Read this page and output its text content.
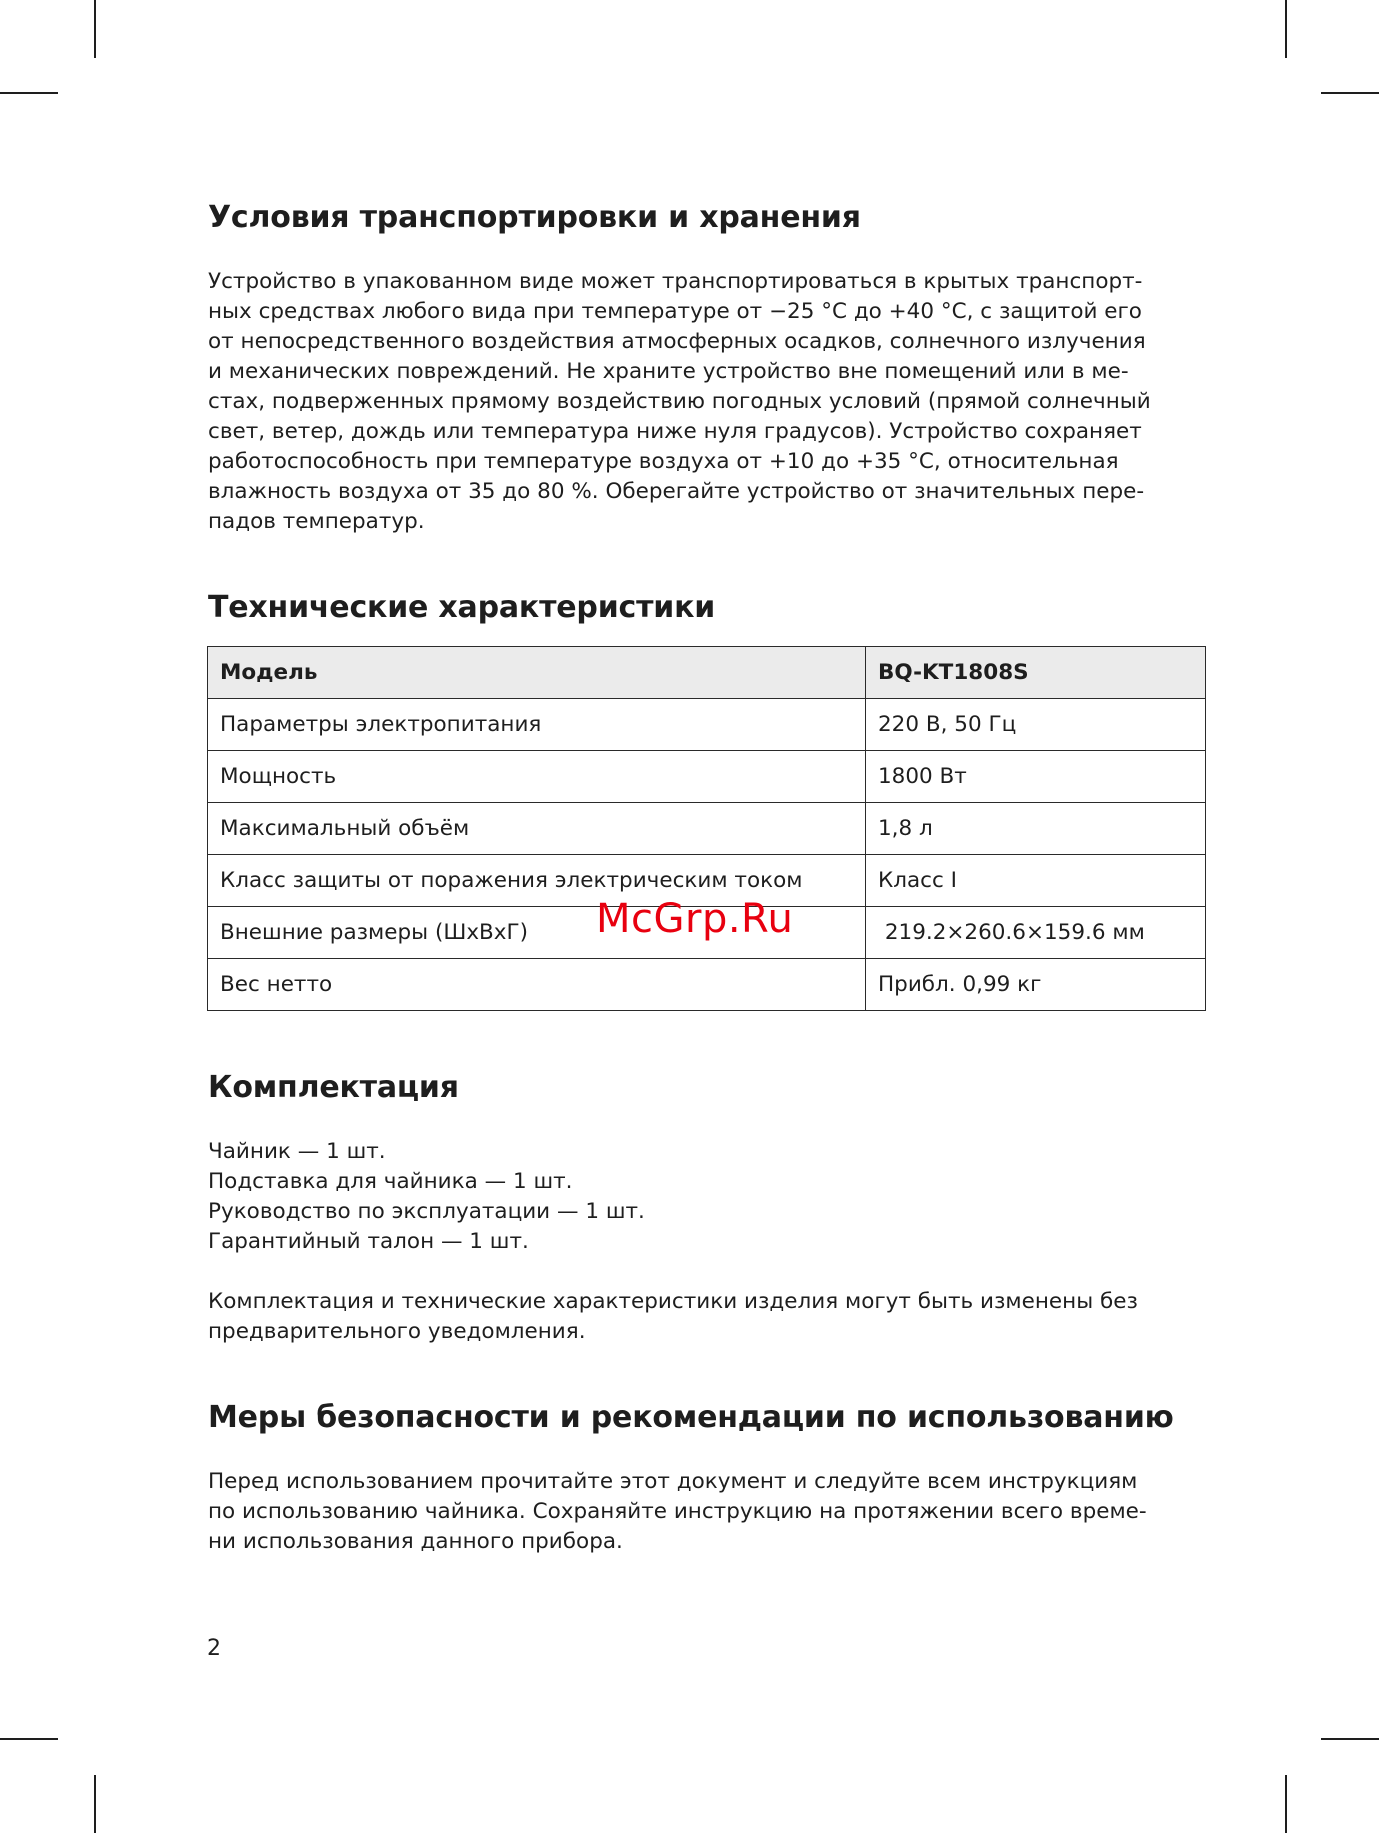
Условия транспортировки и хранения
Устройство в упакованном виде может транспортироваться в крытых транспорт-
ных средствах любого вида при температуре от −25 °С до +40 °С, с защитой его
от непосредственного воздействия атмосферных осадков, солнечного излучения
и механических повреждений. Не храните устройство вне помещений или в ме-
стах, подверженных прямому воздействию погодных условий (прямой солнечный
свет, ветер, дождь или температура ниже нуля градусов). Устройство сохраняет
работоспособность при температуре воздуха от +10 до +35 °С, относительная
влажность воздуха от 35 до 80 %. Оберегайте устройство от значительных пере-
падов температур.
Технические характеристики
Модель	BQ-KT1808S
Параметры электропитания	220 В, 50 Гц
Мощность	1800 Вт
Максимальный объём	1,8 л
Класс защиты от поражения электрическим током	Класс I
Внешние размеры (ШхВхГ)	219.2×260.6×159.6 мм
Вес нетто	Прибл. 0,99 кг
McGrp.Ru
Комплектация
Чайник — 1 шт.
Подставка для чайника — 1 шт.
Руководство по эксплуатации — 1 шт.
Гарантийный талон — 1 шт.
Комплектация и технические характеристики изделия могут быть изменены без
предварительного уведомления.
Меры безопасности и рекомендации по использованию
Перед использованием прочитайте этот документ и следуйте всем инструкциям
по использованию чайника. Сохраняйте инструкцию на протяжении всего време-
ни использования данного прибора.
2
